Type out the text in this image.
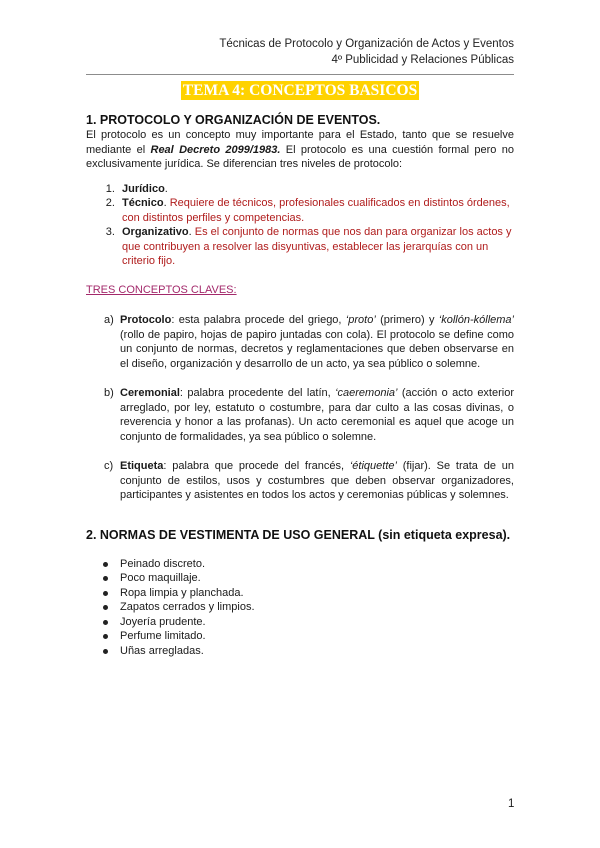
Técnicas de Protocolo y Organización de Actos y Eventos
4º Publicidad y Relaciones Públicas
TEMA 4: CONCEPTOS BASICOS
1. PROTOCOLO Y ORGANIZACIÓN DE EVENTOS.

El protocolo es un concepto muy importante para el Estado, tanto que se resuelve mediante el Real Decreto 2099/1983. El protocolo es una cuestión formal pero no exclusivamente jurídica. Se diferencian tres niveles de protocolo:

1. Jurídico.
2. Técnico. Requiere de técnicos, profesionales cualificados en distintos órdenes, con distintos perfiles y competencias.
3. Organizativo. Es el conjunto de normas que nos dan para organizar los actos y que contribuyen a resolver las disyuntivas, establecer las jerarquías con un criterio fijo.
TRES CONCEPTOS CLAVES:
a) Protocolo: esta palabra procede del griego, ‘proto’ (primero) y ‘kollón-kóllema’ (rollo de papiro, hojas de papiro juntadas con cola). El protocolo se define como un conjunto de normas, decretos y reglamentaciones que deben observarse en el diseño, organización y desarrollo de un acto, ya sea público o solemne.
b) Ceremonial: palabra procedente del latín, ‘caeremonia’ (acción o acto exterior arreglado, por ley, estatuto o costumbre, para dar culto a las cosas divinas, o reverencia y honor a las profanas). Un acto ceremonial es aquel que acoge un conjunto de formalidades, ya sea público o solemne.
c) Etiqueta: palabra que procede del francés, ‘étiquette’ (fijar). Se trata de un conjunto de estilos, usos y costumbres que deben observar organizadores, participantes y asistentes en todos los actos y ceremonias públicas y solemnes.
2. NORMAS DE VESTIMENTA DE USO GENERAL (sin etiqueta expresa).
Peinado discreto.
Poco maquillaje.
Ropa limpia y planchada.
Zapatos cerrados y limpios.
Joyería prudente.
Perfume limitado.
Uñas arregladas.
1
